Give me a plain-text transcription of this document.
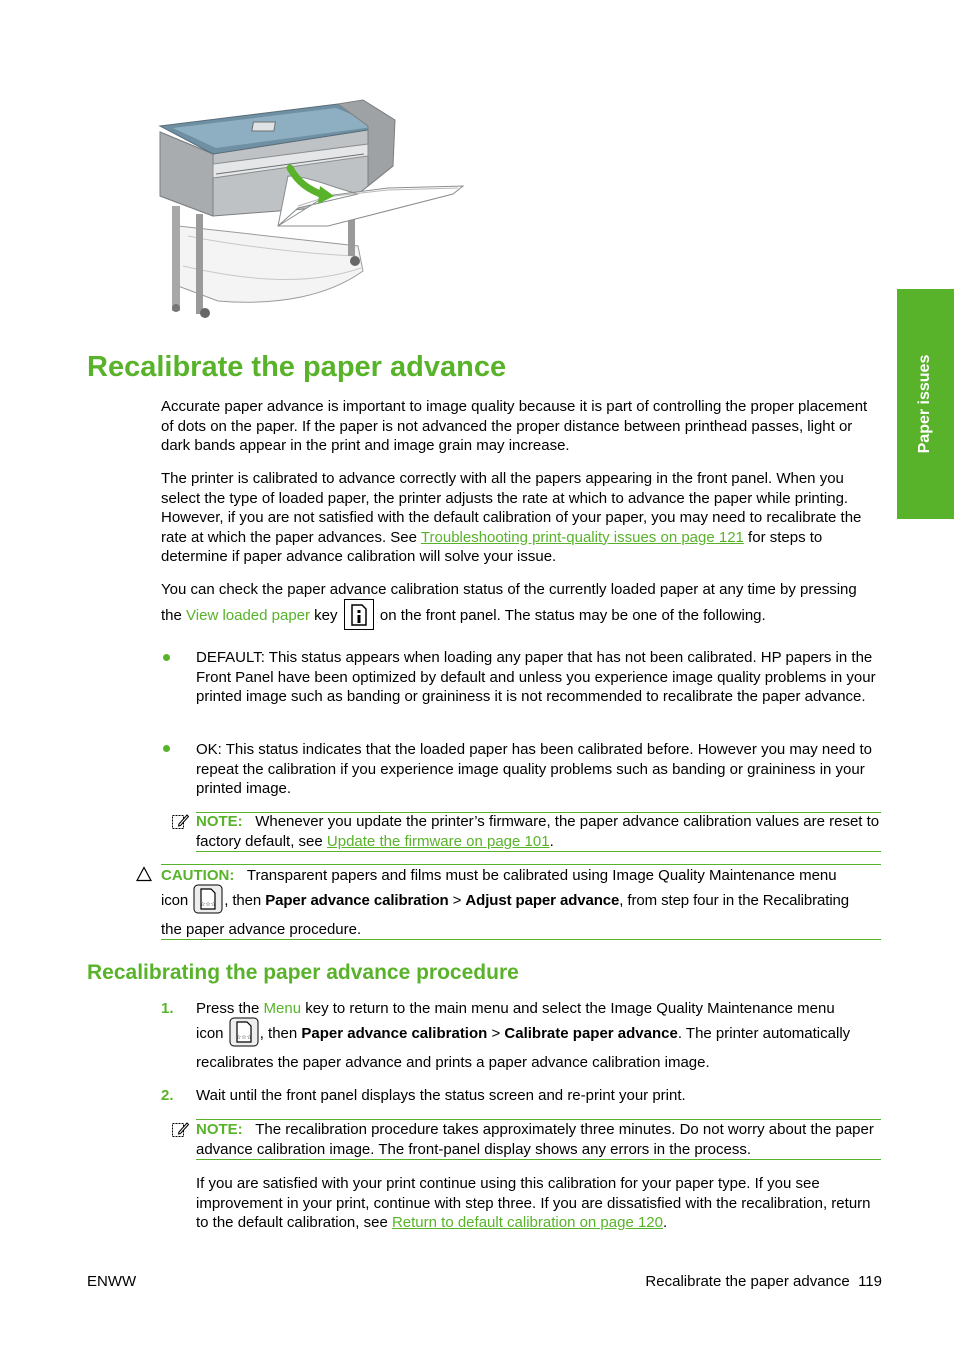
Paper issues
Recalibrate the paper advance

Accurate paper advance is important to image quality because it is part of controlling the proper placement of dots on the paper. If the paper is not advanced the proper distance between printhead passes, light or dark bands appear in the print and image grain may increase.

The printer is calibrated to advance correctly with all the papers appearing in the front panel. When you select the type of loaded paper, the printer adjusts the rate at which to advance the paper while printing. However, if you are not satisfied with the default calibration of your paper, you may need to recalibrate the rate at which the paper advances. See Troubleshooting print-quality issues on page 121 for steps to determine if paper advance calibration will solve your issue.

You can check the paper advance calibration status of the currently loaded paper at any time by pressing

the View loaded paper key  on the front panel. The status may be one of the following.

DEFAULT: This status appears when loading any paper that has not been calibrated. HP papers in the Front Panel have been optimized by default and unless you experience image quality problems in your printed image such as banding or graininess it is not recommended to recalibrate the paper advance.

OK: This status indicates that the loaded paper has been calibrated before. However you may need to repeat the calibration if you experience image quality problems such as banding or graininess in your printed image.

NOTE: Whenever you update the printer’s firmware, the paper advance calibration values are reset to factory default, see Update the firmware on page 101.

CAUTION: Transparent papers and films must be calibrated using Image Quality Maintenance menu

icon ☆☆☆ , then Paper advance calibration > Adjust paper advance, from step four in the Recalibrating

the paper advance procedure.

Recalibrating the paper advance procedure
1. Press the Menu key to return to the main menu and select the Image Quality Maintenance menu

icon ☆☆☆ , then Paper advance calibration > Calibrate paper advance. The printer automatically

recalibrates the paper advance and prints a paper advance calibration image.

2. Wait until the front panel displays the status screen and re-print your print.

NOTE: The recalibration procedure takes approximately three minutes. Do not worry about the paper advance calibration image. The front-panel display shows any errors in the process.

If you are satisfied with your print continue using this calibration for your paper type. If you see improvement in your print, continue with step three. If you are dissatisfied with the recalibration, return to the default calibration, see Return to default calibration on page 120.

ENWW	Recalibrate the paper advance 119
